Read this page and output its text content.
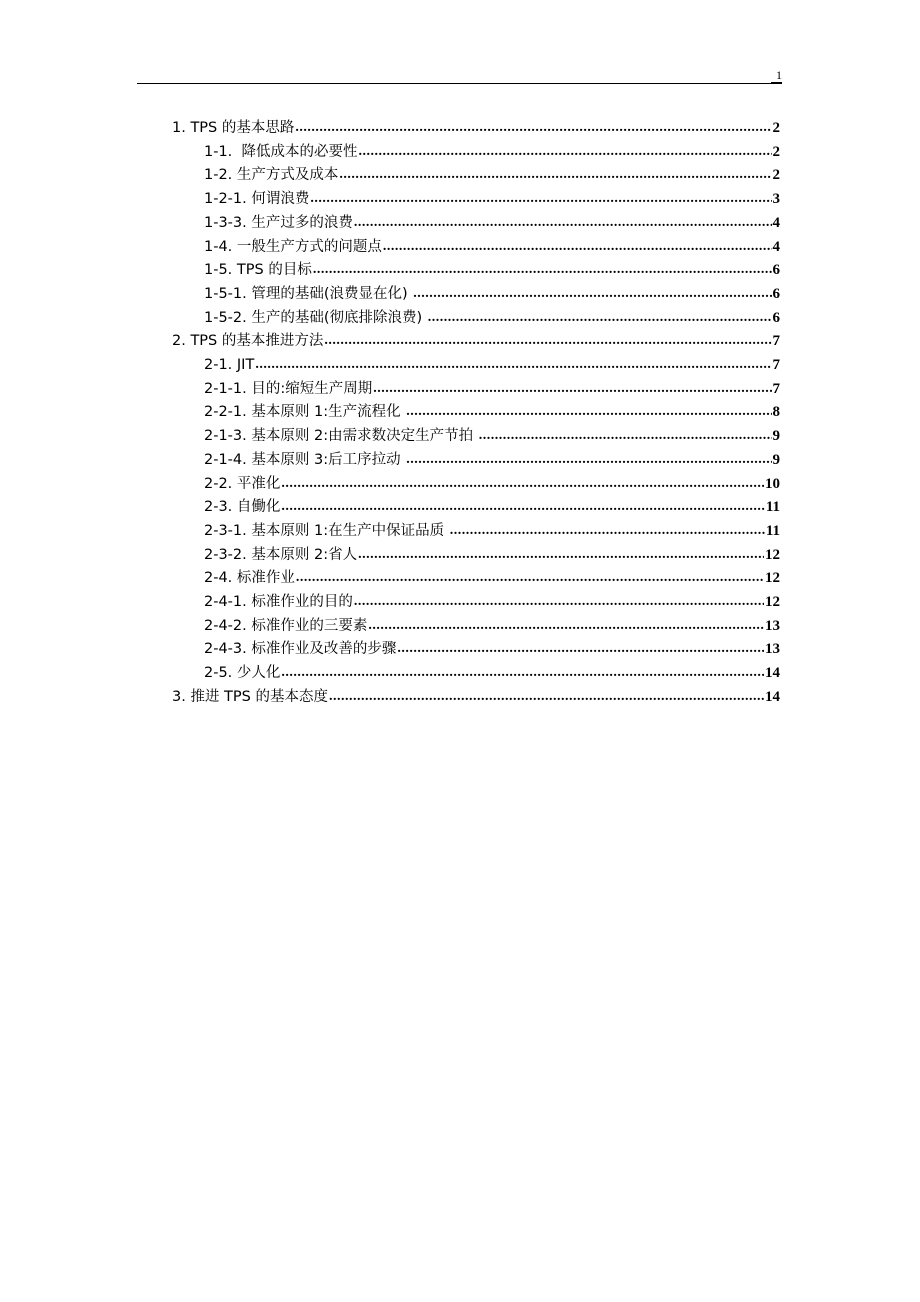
1
1. TPS 的基本思路 .....	2
1-1.  降低成本的必要性 .....	2
1-2. 生产方式及成本 .....	2
1-2-1. 何谓浪费 .....	3
1-3-3. 生产过多的浪费 .....	4
1-4. 一般生产方式的问题点 .....	4
1-5. TPS 的目标 .....	6
1-5-1. 管理的基础(浪费显在化) .....	6
1-5-2. 生产的基础(彻底排除浪费) .....	6
2. TPS 的基本推进方法 .....	7
2-1. JIT .....	7
2-1-1. 目的:缩短生产周期 .....	7
2-2-1. 基本原则 1:生产流程化 .....	8
2-1-3. 基本原则 2:由需求数决定生产节拍 .....	9
2-1-4. 基本原则 3:后工序拉动 .....	9
2-2. 平准化 .....	10
2-3. 自働化 .....	11
2-3-1. 基本原则 1:在生产中保证品质 .....	11
2-3-2. 基本原则 2:省人 .....	12
2-4. 标准作业 .....	12
2-4-1. 标准作业的目的 .....	12
2-4-2. 标准作业的三要素 .....	13
2-4-3. 标准作业及改善的步骤 .....	13
2-5. 少人化 .....	14
3. 推进 TPS 的基本态度 .....	14
